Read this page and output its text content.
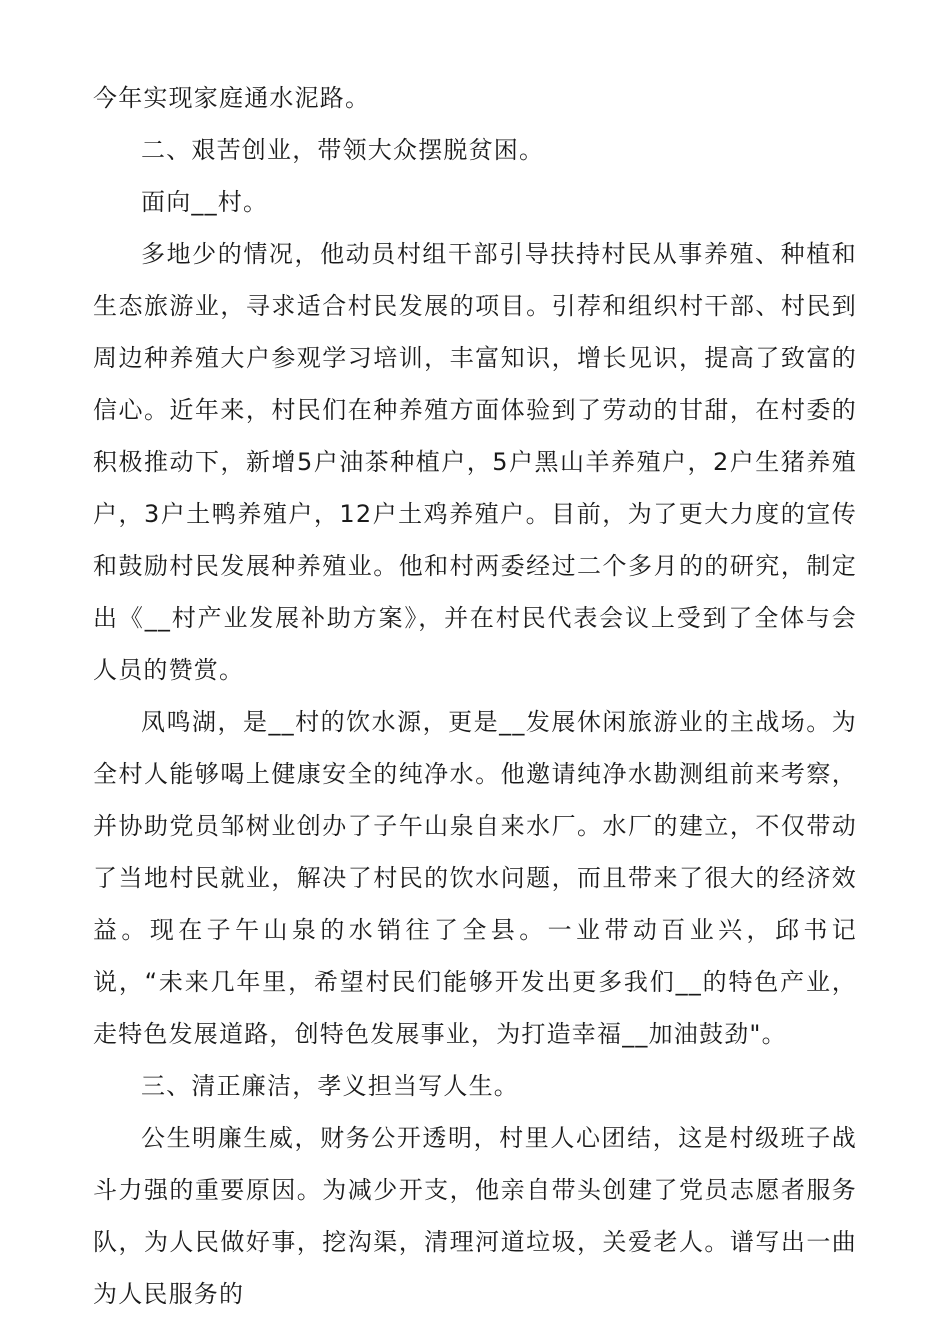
今年实现家庭通水泥路。

二、艰苦创业，带领大众摆脱贫困。

面向__村。

多地少的情况，他动员村组干部引导扶持村民从事养殖、种植和生态旅游业，寻求适合村民发展的项目。引荐和组织村干部、村民到周边种养殖大户参观学习培训，丰富知识，增长见识，提高了致富的信心。近年来，村民们在种养殖方面体验到了劳动的甘甜，在村委的积极推动下，新增5户油茶种植户，5户黑山羊养殖户，2户生猪养殖户，3户土鸭养殖户，12户土鸡养殖户。目前，为了更大力度的宣传和鼓励村民发展种养殖业。他和村两委经过二个多月的的研究，制定出《__村产业发展补助方案》，并在村民代表会议上受到了全体与会人员的赞赏。

凤鸣湖，是__村的饮水源，更是__发展休闲旅游业的主战场。为全村人能够喝上健康安全的纯净水。他邀请纯净水勘测组前来考察，并协助党员邹树业创办了子午山泉自来水厂。水厂的建立，不仅带动了当地村民就业，解决了村民的饮水问题，而且带来了很大的经济效益。现在子午山泉的水销往了全县。一业带动百业兴，邱书记说，“未来几年里，希望村民们能够开发出更多我们__的特色产业，走特色发展道路，创特色发展事业，为打造幸福__加油鼓劲"。

三、清正廉洁，孝义担当写人生。

公生明廉生威，财务公开透明，村里人心团结，这是村级班子战斗力强的重要原因。为减少开支，他亲自带头创建了党员志愿者服务队，为人民做好事，挖沟渠，清理河道垃圾，关爱老人。谱写出一曲为人民服务的
